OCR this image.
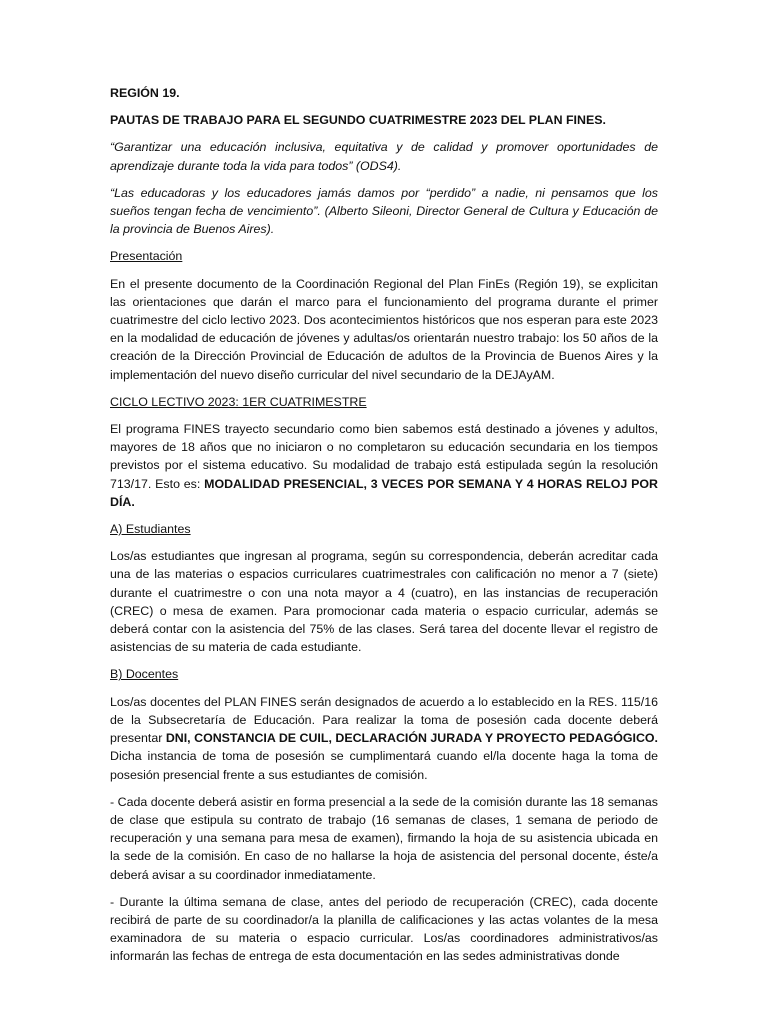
REGIÓN 19.

PAUTAS DE TRABAJO PARA EL SEGUNDO CUATRIMESTRE 2023 DEL PLAN FINES.

“Garantizar una educación inclusiva, equitativa y de calidad y promover oportunidades de aprendizaje durante toda la vida para todos” (ODS4).

“Las educadoras y los educadores jamás damos por “perdido” a nadie, ni pensamos que los sueños tengan fecha de vencimiento”. (Alberto Sileoni, Director General de Cultura y Educación de la provincia de Buenos Aires).

Presentación

En el presente documento de la Coordinación Regional del Plan FinEs (Región 19), se explicitan las orientaciones que darán el marco para el funcionamiento del programa durante el primer cuatrimestre del ciclo lectivo 2023. Dos acontecimientos históricos que nos esperan para este 2023 en la modalidad de educación de jóvenes y adultas/os orientarán nuestro trabajo: los 50 años de la creación de la Dirección Provincial de Educación de adultos de la Provincia de Buenos Aires y la implementación del nuevo diseño curricular del nivel secundario de la DEJAyAM.

CICLO LECTIVO 2023: 1ER CUATRIMESTRE

El programa FINES trayecto secundario como bien sabemos está destinado a jóvenes y adultos, mayores de 18 años que no iniciaron o no completaron su educación secundaria en los tiempos previstos por el sistema educativo. Su modalidad de trabajo está estipulada según la resolución 713/17. Esto es: MODALIDAD PRESENCIAL, 3 VECES POR SEMANA Y 4 HORAS RELOJ POR DÍA.

A) Estudiantes

Los/as estudiantes que ingresan al programa, según su correspondencia, deberán acreditar cada una de las materias o espacios curriculares cuatrimestrales con calificación no menor a 7 (siete) durante el cuatrimestre o con una nota mayor a 4 (cuatro), en las instancias de recuperación (CREC) o mesa de examen. Para promocionar cada materia o espacio curricular, además se deberá contar con la asistencia del 75% de las clases. Será tarea del docente llevar el registro de asistencias de su materia de cada estudiante.

B) Docentes

Los/as docentes del PLAN FINES serán designados de acuerdo a lo establecido en la RES. 115/16 de la Subsecretaría de Educación. Para realizar la toma de posesión cada docente deberá presentar DNI, CONSTANCIA DE CUIL, DECLARACIÓN JURADA Y PROYECTO PEDAGÓGICO. Dicha instancia de toma de posesión se cumplimentará cuando el/la docente haga la toma de posesión presencial frente a sus estudiantes de comisión.

- Cada docente deberá asistir en forma presencial a la sede de la comisión durante las 18 semanas de clase que estipula su contrato de trabajo (16 semanas de clases, 1 semana de periodo de recuperación y una semana para mesa de examen), firmando la hoja de su asistencia ubicada en la sede de la comisión. En caso de no hallarse la hoja de asistencia del personal docente, éste/a deberá avisar a su coordinador inmediatamente.

- Durante la última semana de clase, antes del periodo de recuperación (CREC), cada docente recibirá de parte de su coordinador/a la planilla de calificaciones y las actas volantes de la mesa examinadora de su materia o espacio curricular. Los/as coordinadores administrativos/as informarán las fechas de entrega de esta documentación en las sedes administrativas donde
